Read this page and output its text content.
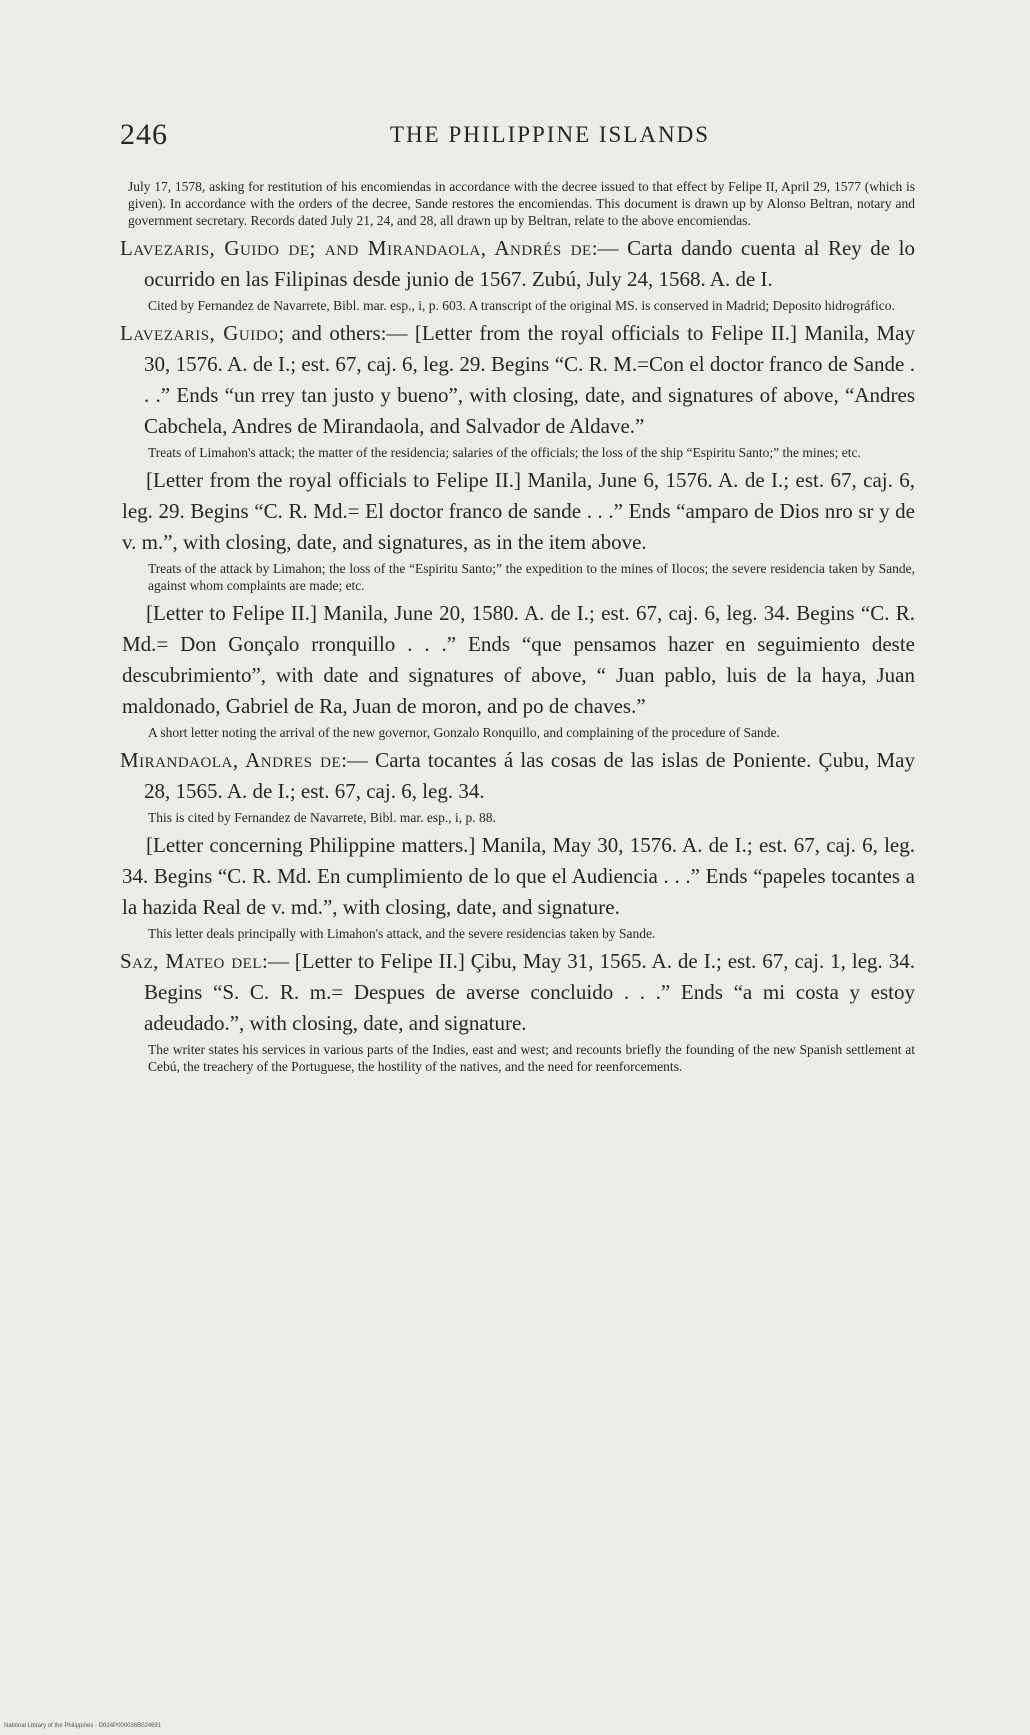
246	THE PHILIPPINE ISLANDS

July 17, 1578, asking for restitution of his encomiendas in accordance with the decree issued to that effect by Felipe II, April 29, 1577 (which is given). In accordance with the orders of the decree, Sande restores the encomiendas. This document is drawn up by Alonso Beltran, notary and government secretary. Records dated July 21, 24, and 28, all drawn up by Beltran, relate to the above encomiendas.

Lavezaris, Guido de; and Mirandaola, Andrés de:— Carta dando cuenta al Rey de lo ocurrido en las Filipinas desde junio de 1567. Zubú, July 24, 1568. A. de I.

Cited by Fernandez de Navarrete, Bibl. mar. esp., i, p. 603. A transcript of the original MS. is conserved in Madrid; Deposito hidrográfico.

Lavezaris, Guido; and others:— [Letter from the royal officials to Felipe II.] Manila, May 30, 1576. A. de I.; est. 67, caj. 6, leg. 29. Begins “C. R. M.=Con el doctor franco de Sande . . .” Ends “un rrey tan justo y bueno”, with closing, date, and signatures of above, “Andres Cabchela, Andres de Mirandaola, and Salvador de Aldave.”

Treats of Limahon's attack; the matter of the residencia; salaries of the officials; the loss of the ship “Espiritu Santo;” the mines; etc.

[Letter from the royal officials to Felipe II.] Manila, June 6, 1576. A. de I.; est. 67, caj. 6, leg. 29. Begins “C. R. Md.= El doctor franco de sande . . .” Ends “amparo de Dios nro sr y de v. m.”, with closing, date, and signatures, as in the item above.

Treats of the attack by Limahon; the loss of the “Espiritu Santo;” the expedition to the mines of Ilocos; the severe residencia taken by Sande, against whom complaints are made; etc.

[Letter to Felipe II.] Manila, June 20, 1580. A. de I.; est. 67, caj. 6, leg. 34. Begins “C. R. Md.= Don Gonçalo rronquillo . . .” Ends “que pensamos hazer en seguimiento deste descubrimiento”, with date and signatures of above, “ Juan pablo, luis de la haya, Juan maldonado, Gabriel de Ra, Juan de moron, and po de chaves.”

A short letter noting the arrival of the new governor, Gonzalo Ronquillo, and complaining of the procedure of Sande.

Mirandaola, Andres de:— Carta tocantes á las cosas de las islas de Poniente. Çubu, May 28, 1565. A. de I.; est. 67, caj. 6, leg. 34.

This is cited by Fernandez de Navarrete, Bibl. mar. esp., i, p. 88.

[Letter concerning Philippine matters.] Manila, May 30, 1576. A. de I.; est. 67, caj. 6, leg. 34. Begins “C. R. Md. En cumplimiento de lo que el Audiencia . . .” Ends “papeles tocantes a la hazida Real de v. md.”, with closing, date, and signature.

This letter deals principally with Limahon's attack, and the severe residencias taken by Sande.

Saz, Mateo del:— [Letter to Felipe II.] Çibu, May 31, 1565. A. de I.; est. 67, caj. 1, leg. 34. Begins “S. C. R. m.= Despues de averse concluido . . .” Ends “a mi costa y estoy adeudado.”, with closing, date, and signature.

The writer states his services in various parts of the Indies, east and west; and recounts briefly the founding of the new Spanish settlement at Cebú, the treachery of the Portuguese, the hostility of the natives, and the need for reenforcements.

National Library of the Philippines · D024P000036B024691
